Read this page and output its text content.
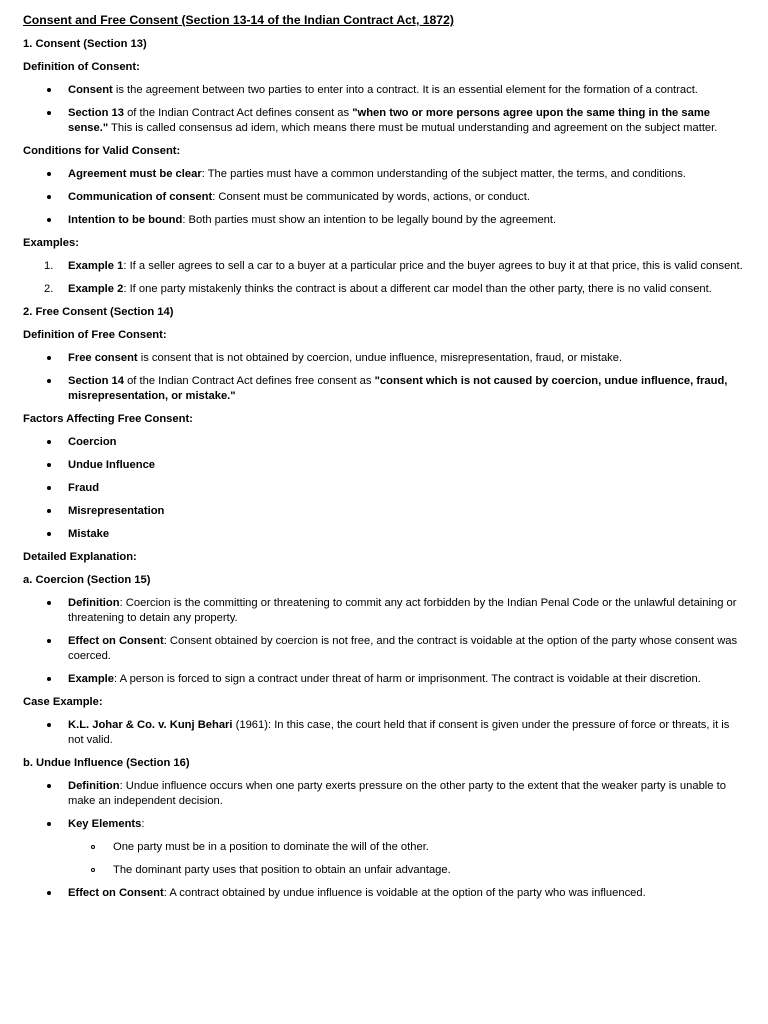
Consent and Free Consent (Section 13-14 of the Indian Contract Act, 1872)
1. Consent (Section 13)
Definition of Consent:
Consent is the agreement between two parties to enter into a contract. It is an essential element for the formation of a contract.
Section 13 of the Indian Contract Act defines consent as "when two or more persons agree upon the same thing in the same sense." This is called consensus ad idem, which means there must be mutual understanding and agreement on the subject matter.
Conditions for Valid Consent:
Agreement must be clear: The parties must have a common understanding of the subject matter, the terms, and conditions.
Communication of consent: Consent must be communicated by words, actions, or conduct.
Intention to be bound: Both parties must show an intention to be legally bound by the agreement.
Examples:
1. Example 1: If a seller agrees to sell a car to a buyer at a particular price and the buyer agrees to buy it at that price, this is valid consent.
2. Example 2: If one party mistakenly thinks the contract is about a different car model than the other party, there is no valid consent.
2. Free Consent (Section 14)
Definition of Free Consent:
Free consent is consent that is not obtained by coercion, undue influence, misrepresentation, fraud, or mistake.
Section 14 of the Indian Contract Act defines free consent as "consent which is not caused by coercion, undue influence, fraud, misrepresentation, or mistake."
Factors Affecting Free Consent:
Coercion
Undue Influence
Fraud
Misrepresentation
Mistake
Detailed Explanation:
a. Coercion (Section 15)
Definition: Coercion is the committing or threatening to commit any act forbidden by the Indian Penal Code or the unlawful detaining or threatening to detain any property.
Effect on Consent: Consent obtained by coercion is not free, and the contract is voidable at the option of the party whose consent was coerced.
Example: A person is forced to sign a contract under threat of harm or imprisonment. The contract is voidable at their discretion.
Case Example:
K.L. Johar & Co. v. Kunj Behari (1961): In this case, the court held that if consent is given under the pressure of force or threats, it is not valid.
b. Undue Influence (Section 16)
Definition: Undue influence occurs when one party exerts pressure on the other party to the extent that the weaker party is unable to make an independent decision.
Key Elements:
One party must be in a position to dominate the will of the other.
The dominant party uses that position to obtain an unfair advantage.
Effect on Consent: A contract obtained by undue influence is voidable at the option of the party who was influenced.
